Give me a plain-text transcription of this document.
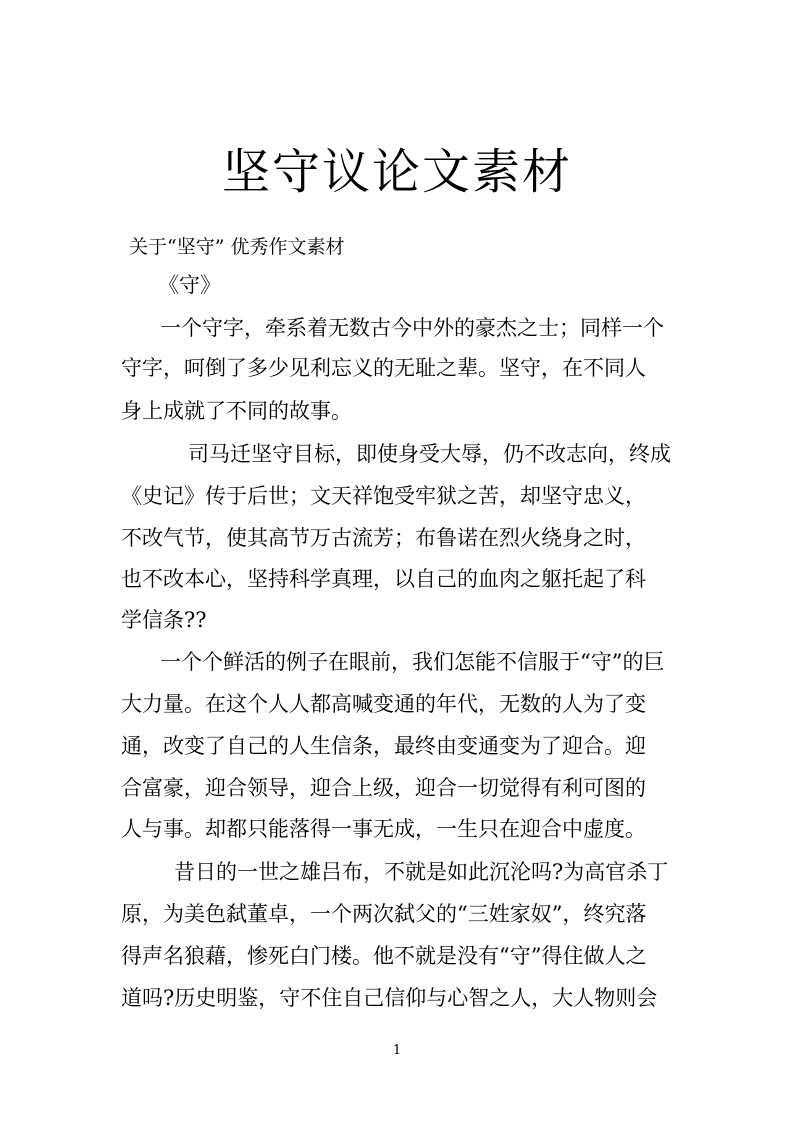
坚守议论文素材

关于“坚守” 优秀作文素材

《守》

一个守字，牵系着无数古今中外的豪杰之士；同样一个

守字，呵倒了多少见利忘义的无耻之辈。坚守，在不同人

身上成就了不同的故事。

司马迁坚守目标，即使身受大辱，仍不改志向，终成

《史记》传于后世；文天祥饱受牢狱之苦，却坚守忠义，

不改气节，使其高节万古流芳；布鲁诺在烈火绕身之时，

也不改本心，坚持科学真理，以自己的血肉之躯托起了科

学信条??

一个个鲜活的例子在眼前，我们怎能不信服于“守”的巨

大力量。在这个人人都高喊变通的年代，无数的人为了变

通，改变了自己的人生信条，最终由变通变为了迎合。迎

合富豪，迎合领导，迎合上级，迎合一切觉得有利可图的

人与事。却都只能落得一事无成，一生只在迎合中虚度。

昔日的一世之雄吕布，不就是如此沉沦吗?为高官杀丁

原，为美色弑董卓，一个两次弑父的“三姓家奴”，终究落

得声名狼藉，惨死白门楼。他不就是没有“守”得住做人之

道吗?历史明鉴，守不住自己信仰与心智之人，大人物则会

1
